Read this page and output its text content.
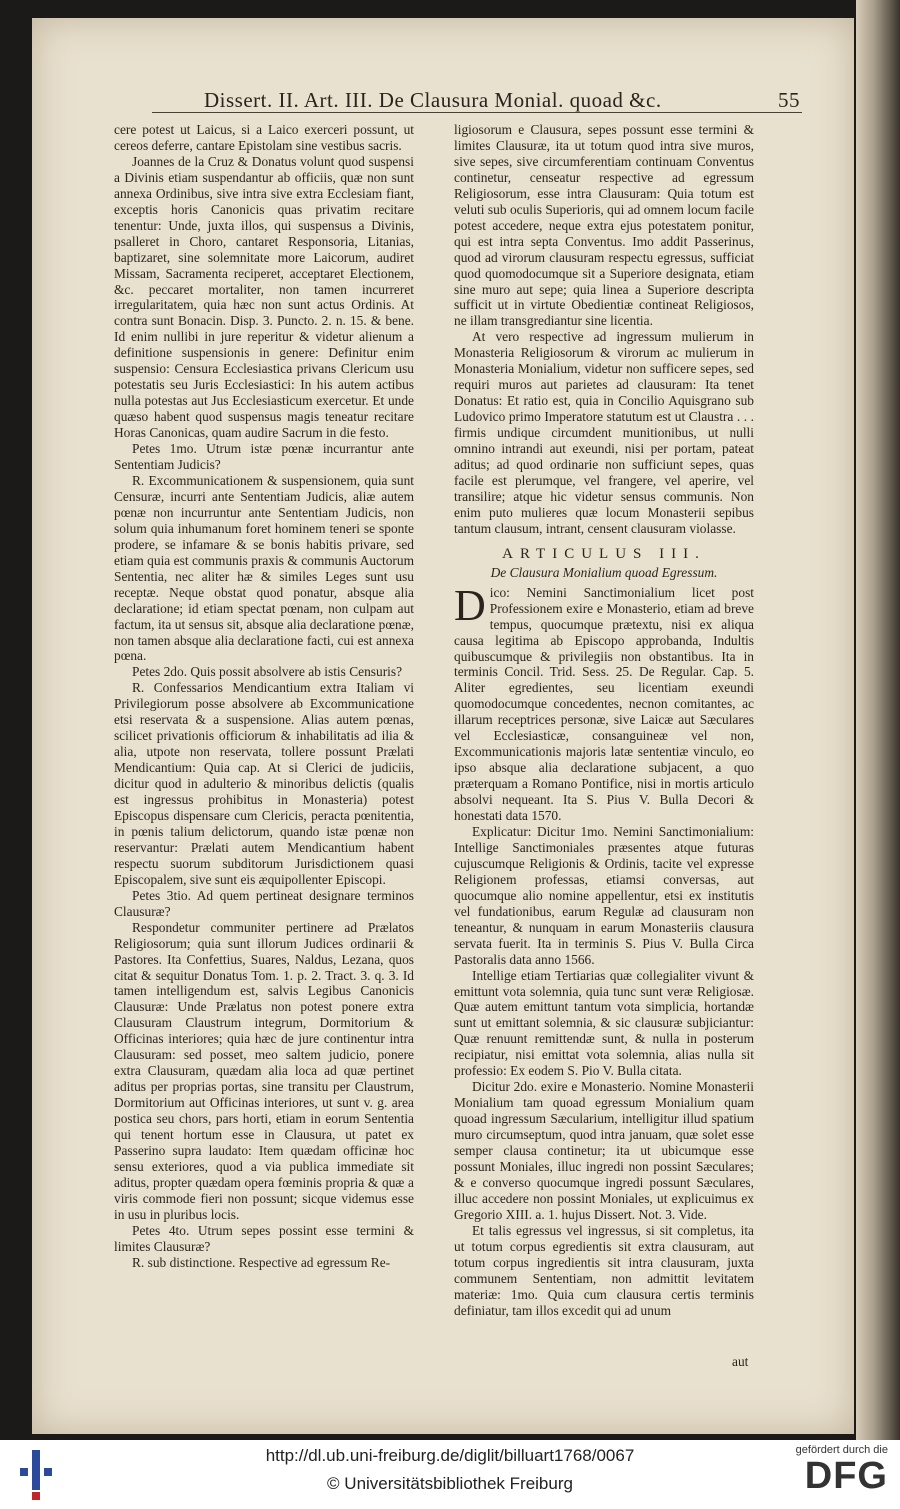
Dissert. II. Art. III. De Clausura Monial. quoad &c.	55

cere potest ut Laicus, si a Laico exerceri possunt, ut cereos deferre, cantare Epistolam sine vestibus sacris.

Joannes de la Cruz & Donatus volunt quod suspensi a Divinis etiam suspendantur ab officiis, quæ non sunt annexa Ordinibus, sive intra sive extra Ecclesiam fiant, exceptis horis Canonicis quas privatim recitare tenentur: Unde, juxta illos, qui suspensus a Divinis, psalleret in Choro, cantaret Responsoria, Litanias, baptizaret, sine solemnitate more Laicorum, audiret Missam, Sacramenta reciperet, acceptaret Electionem, &c. peccaret mortaliter, non tamen incurreret irregularitatem, quia hæc non sunt actus Ordinis. At contra sunt Bonacin. Disp. 3. Puncto. 2. n. 15. & bene. Id enim nullibi in jure reperitur & videtur alienum a definitione suspensionis in genere: Definitur enim suspensio: Censura Ecclesiastica privans Clericum usu potestatis seu Juris Ecclesiastici: In his autem actibus nulla potestas aut Jus Ecclesiasticum exercetur. Et unde quæso habent quod suspensus magis teneatur recitare Horas Canonicas, quam audire Sacrum in die festo.

Petes 1mo. Utrum istæ pœnæ incurrantur ante Sententiam Judicis?

R. Excommunicationem & suspensionem, quia sunt Censuræ, incurri ante Sententiam Judicis, aliæ autem pœnæ non incurruntur ante Sententiam Judicis, non solum quia inhumanum foret hominem teneri se sponte prodere, se infamare & se bonis habitis privare, sed etiam quia est communis praxis & communis Auctorum Sententia, nec aliter hæ & similes Leges sunt usu receptæ. Neque obstat quod ponatur, absque alia declaratione; id etiam spectat pœnam, non culpam aut factum, ita ut sensus sit, absque alia declaratione pœnæ, non tamen absque alia declaratione facti, cui est annexa pœna.

Petes 2do. Quis possit absolvere ab istis Censuris?

R. Confessarios Mendicantium extra Italiam vi Privilegiorum posse absolvere ab Excommunicatione etsi reservata & a suspensione. Alias autem pœnas, scilicet privationis officiorum & inhabilitatis ad ilia & alia, utpote non reservata, tollere possunt Prælati Mendicantium: Quia cap. At si Clerici de judiciis, dicitur quod in adulterio & minoribus delictis (qualis est ingressus prohibitus in Monasteria) potest Episcopus dispensare cum Clericis, peracta pœnitentia, in pœnis talium delictorum, quando istæ pœnæ non reservantur: Prælati autem Mendicantium habent respectu suorum subditorum Jurisdictionem quasi Episcopalem, sive sunt eis æquipollenter Episcopi.

Petes 3tio. Ad quem pertineat designare terminos Clausuræ?

Respondetur communiter pertinere ad Prælatos Religiosorum; quia sunt illorum Judices ordinarii & Pastores. Ita Confettius, Suares, Naldus, Lezana, quos citat & sequitur Donatus Tom. 1. p. 2. Tract. 3. q. 3. Id tamen intelligendum est, salvis Legibus Canonicis Clausuræ: Unde Prælatus non potest ponere extra Clausuram Claustrum integrum, Dormitorium & Officinas interiores; quia hæc de jure continentur intra Clausuram: sed posset, meo saltem judicio, ponere extra Clausuram, quædam alia loca ad quæ pertinet aditus per proprias portas, sine transitu per Claustrum, Dormitorium aut Officinas interiores, ut sunt v. g. area postica seu chors, pars horti, etiam in eorum Sententia qui tenent hortum esse in Clausura, ut patet ex Passerino supra laudato: Item quædam officinæ hoc sensu exteriores, quod a via publica immediate sit aditus, propter quædam opera fœminis propria & quæ a viris commode fieri non possunt; sicque videmus esse in usu in pluribus locis.

Petes 4to. Utrum sepes possint esse termini & limites Clausuræ?

R. sub distinctione. Respective ad egressum Re-

ligiosorum e Clausura, sepes possunt esse termini & limites Clausuræ, ita ut totum quod intra sive muros, sive sepes, sive circumferentiam continuam Conventus continetur, censeatur respective ad egressum Religiosorum, esse intra Clausuram: Quia totum est veluti sub oculis Superioris, qui ad omnem locum facile potest accedere, neque extra ejus potestatem ponitur, qui est intra septa Conventus. Imo addit Passerinus, quod ad virorum clausuram respectu egressus, sufficiat quod quomodocumque sit a Superiore designata, etiam sine muro aut sepe; quia linea a Superiore descripta sufficit ut in virtute Obedientiæ contineat Religiosos, ne illam transgrediantur sine licentia.

At vero respective ad ingressum mulierum in Monasteria Religiosorum & virorum ac mulierum in Monasteria Monialium, videtur non sufficere sepes, sed requiri muros aut parietes ad clausuram: Ita tenet Donatus: Et ratio est, quia in Concilio Aquisgrano sub Ludovico primo Imperatore statutum est ut Claustra . . . firmis undique circumdent munitionibus, ut nulli omnino intrandi aut exeundi, nisi per portam, pateat aditus; ad quod ordinarie non sufficiunt sepes, quas facile est plerumque, vel frangere, vel aperire, vel transilire; atque hic videtur sensus communis. Non enim puto mulieres quæ locum Monasterii sepibus tantum clausum, intrant, censent clausuram violasse.

ARTICULUS III.

De Clausura Monialium quoad Egressum.

Dico: Nemini Sanctimonialium licet post Professionem exire e Monasterio, etiam ad breve tempus, quocumque prætextu, nisi ex aliqua causa legitima ab Episcopo approbanda, Indultis quibuscumque & privilegiis non obstantibus. Ita in terminis Concil. Trid. Sess. 25. De Regular. Cap. 5. Aliter egredientes, seu licentiam exeundi quomodocumque concedentes, necnon comitantes, ac illarum receptrices personæ, sive Laicæ aut Sæculares vel Ecclesiasticæ, consanguineæ vel non, Excommunicationis majoris latæ sententiæ vinculo, eo ipso absque alia declaratione subjacent, a quo præterquam a Romano Pontifice, nisi in mortis articulo absolvi nequeant. Ita S. Pius V. Bulla Decori & honestati data 1570.

Explicatur: Dicitur 1mo. Nemini Sanctimonialium: Intellige Sanctimoniales præsentes atque futuras cujuscumque Religionis & Ordinis, tacite vel expresse Religionem professas, etiamsi conversas, aut quocumque alio nomine appellentur, etsi ex institutis vel fundationibus, earum Regulæ ad clausuram non teneantur, & nunquam in earum Monasteriis clausura servata fuerit. Ita in terminis S. Pius V. Bulla Circa Pastoralis data anno 1566.

Intellige etiam Tertiarias quæ collegialiter vivunt & emittunt vota solemnia, quia tunc sunt veræ Religiosæ. Quæ autem emittunt tantum vota simplicia, hortandæ sunt ut emittant solemnia, & sic clausuræ subjiciantur: Quæ renuunt remittendæ sunt, & nulla in posterum recipiatur, nisi emittat vota solemnia, alias nulla sit professio: Ex eodem S. Pio V. Bulla citata.

Dicitur 2do. exire e Monasterio. Nomine Monasterii Monialium tam quoad egressum Monialium quam quoad ingressum Sæcularium, intelligitur illud spatium muro circumseptum, quod intra januam, quæ solet esse semper clausa continetur; ita ut ubicumque esse possunt Moniales, illuc ingredi non possint Sæculares; & e converso quocumque ingredi possunt Sæculares, illuc accedere non possint Moniales, ut explicuimus ex Gregorio XIII. a. 1. hujus Dissert. Not. 3. Vide.

Et talis egressus vel ingressus, si sit completus, ita ut totum corpus egredientis sit extra clausuram, aut totum corpus ingredientis sit intra clausuram, juxta communem Sententiam, non admittit levitatem materiæ: 1mo. Quia cum clausura certis terminis definiatur, tam illos excedit qui ad unum

aut
http://dl.ub.uni-freiburg.de/diglit/billuart1768/0067
© Universitätsbibliothek Freiburg
gefördert durch die
DFG
